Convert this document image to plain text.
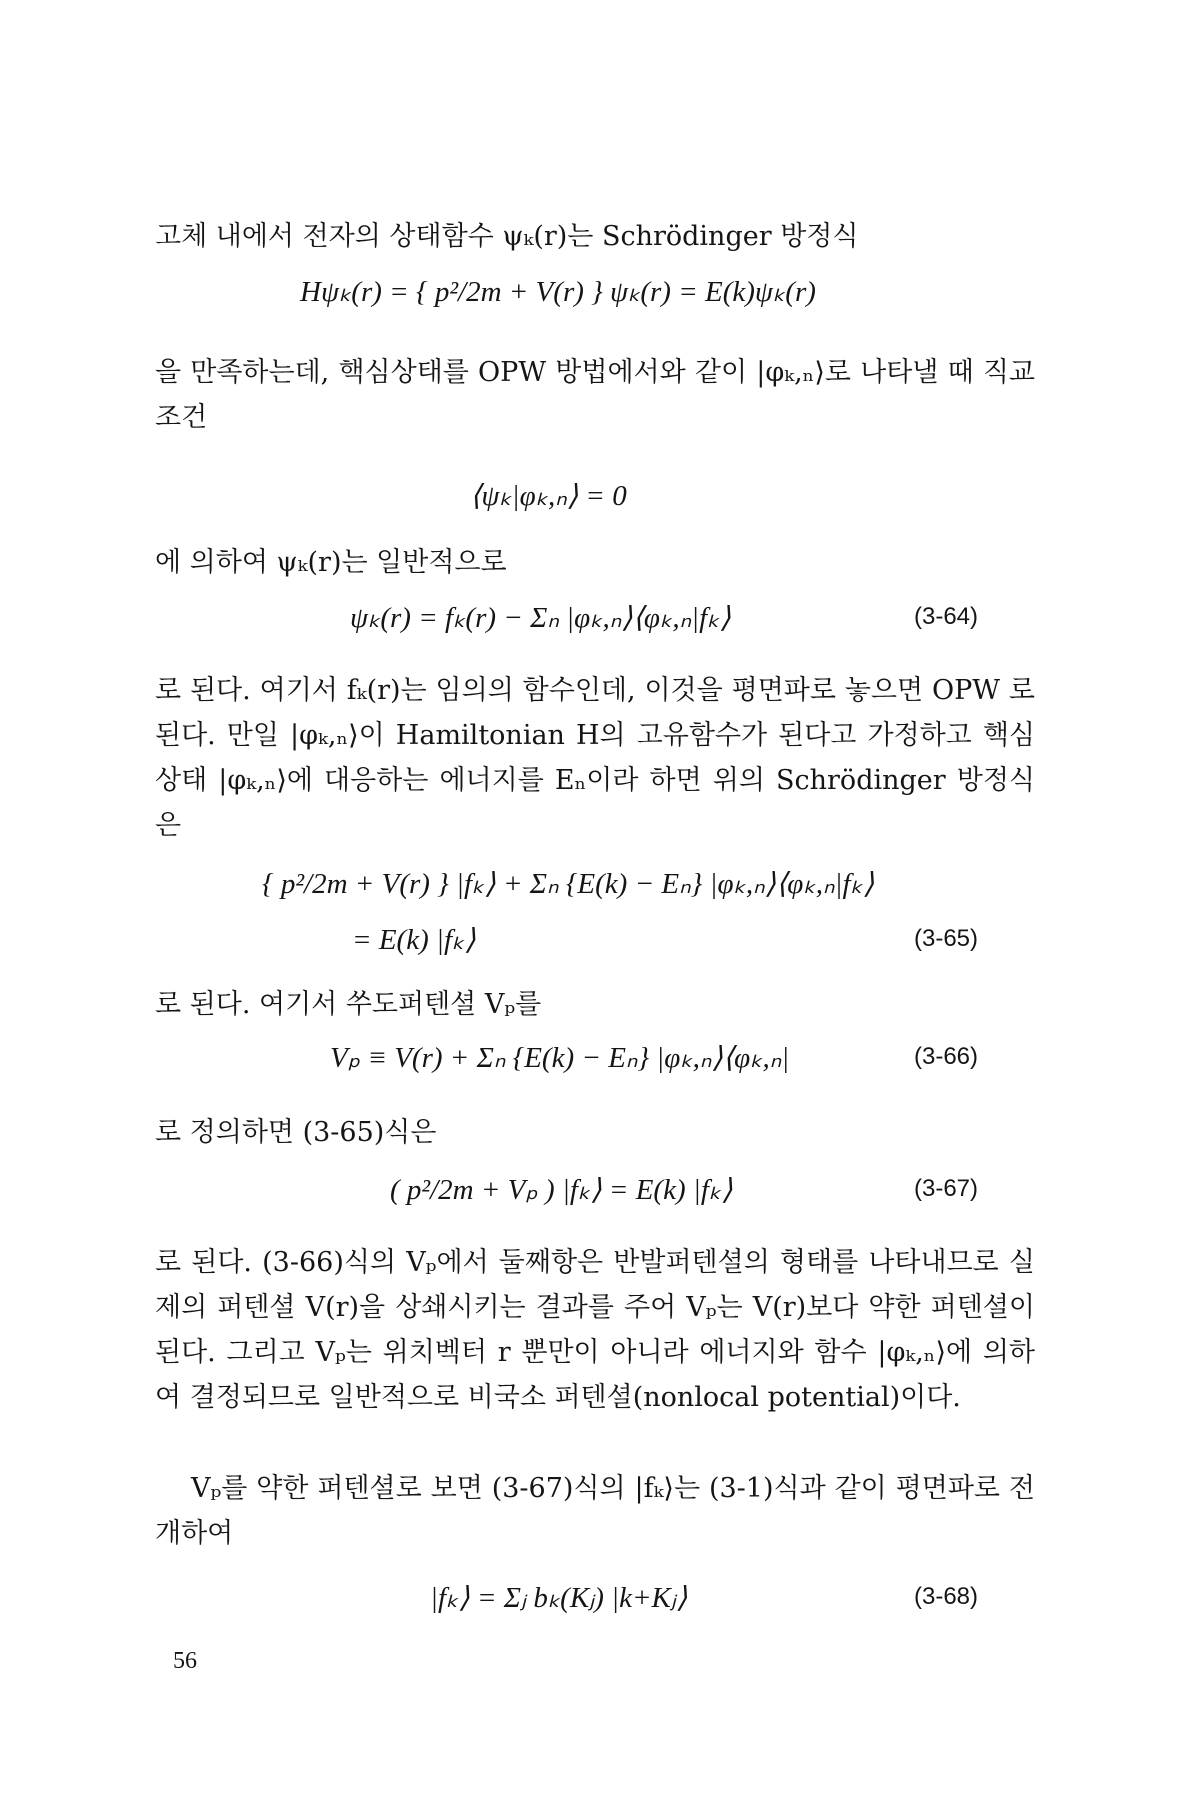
고체 내에서 전자의 상태함수 ψₖ(r)는 Schrödinger 방정식
Hψₖ(r) = { p²/2m + V(r) } ψₖ(r) = E(k)ψₖ(r)
을 만족하는데, 핵심상태를 OPW 방법에서와 같이 |φₖ,ₙ⟩로 나타낼 때 직교조건
⟨ψₖ|φₖ,ₙ⟩ = 0
에 의하여 ψₖ(r)는 일반적으로
ψₖ(r) = fₖ(r) − Σₙ |φₖ,ₙ⟩⟨φₖ,ₙ|fₖ⟩	(3-64)
로 된다. 여기서 fₖ(r)는 임의의 함수인데, 이것을 평면파로 놓으면 OPW 로 된다. 만일 |φₖ,ₙ⟩이 Hamiltonian H의 고유함수가 된다고 가정하고 핵심상태 |φₖ,ₙ⟩에 대응하는 에너지를 Eₙ이라 하면 위의 Schrödinger 방정식은
{ p²/2m + V(r) } |fₖ⟩ + Σₙ {E(k) − Eₙ} |φₖ,ₙ⟩⟨φₖ,ₙ|fₖ⟩
= E(k) |fₖ⟩	(3-65)
로 된다. 여기서 쑤도퍼텐셜 Vₚ를
Vₚ ≡ V(r) + Σₙ {E(k) − Eₙ} |φₖ,ₙ⟩⟨φₖ,ₙ|	(3-66)
로 정의하면 (3-65)식은
( p²/2m + Vₚ ) |fₖ⟩ = E(k) |fₖ⟩	(3-67)
로 된다. (3-66)식의 Vₚ에서 둘째항은 반발퍼텐셜의 형태를 나타내므로 실제의 퍼텐셜 V(r)을 상쇄시키는 결과를 주어 Vₚ는 V(r)보다 약한 퍼텐셜이 된다. 그리고 Vₚ는 위치벡터 r 뿐만이 아니라 에너지와 함수 |φₖ,ₙ⟩에 의하여 결정되므로 일반적으로 비국소 퍼텐셜(nonlocal potential)이다.
Vₚ를 약한 퍼텐셜로 보면 (3-67)식의 |fₖ⟩는 (3-1)식과 같이 평면파로 전개하여
|fₖ⟩ = Σⱼ bₖ(Kⱼ) |k+Kⱼ⟩	(3-68)
56
